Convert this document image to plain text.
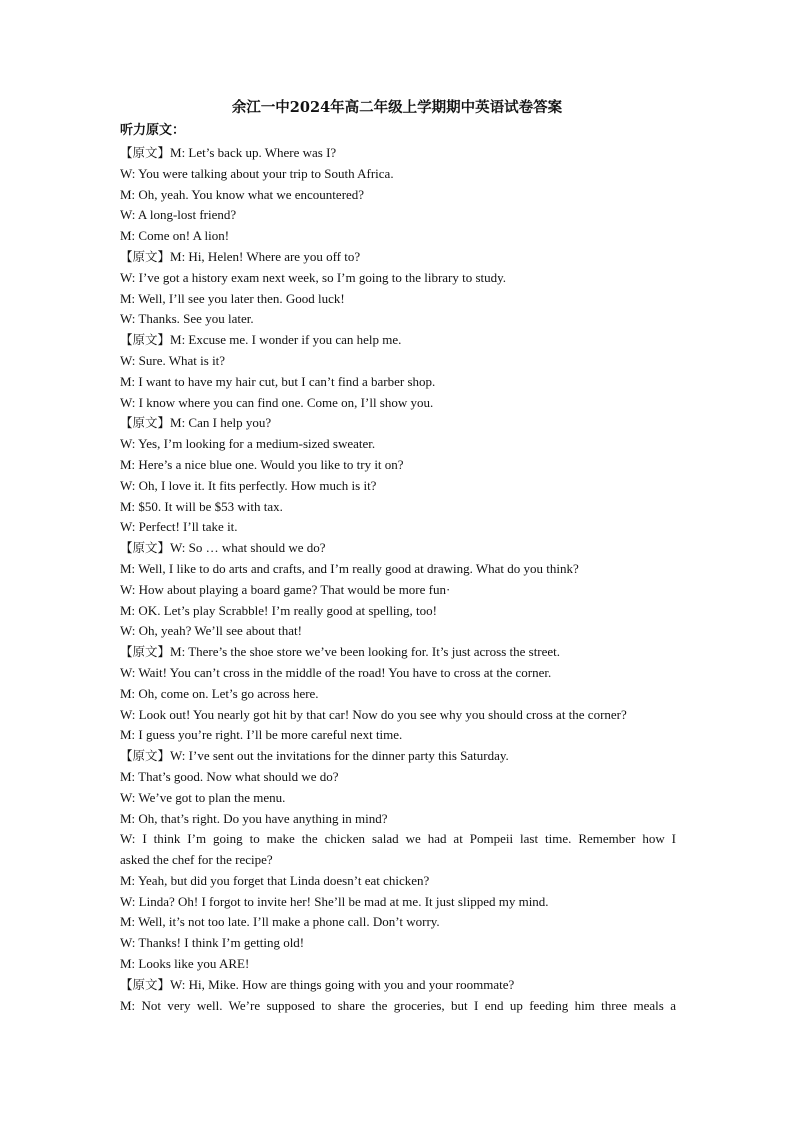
余江一中2024年高二年级上学期期中英语试卷答案
听力原文：
【原文】M: Let’s back up. Where was I?
W: You were talking about your trip to South Africa.
M: Oh, yeah. You know what we encountered?
W: A long-lost friend?
M: Come on! A lion!
【原文】M: Hi, Helen! Where are you off to?
W: I’ve got a history exam next week, so I’m going to the library to study.
M: Well, I’ll see you later then. Good luck!
W: Thanks. See you later.
【原文】M: Excuse me. I wonder if you can help me.
W: Sure. What is it?
M: I want to have my hair cut, but I can’t find a barber shop.
W: I know where you can find one. Come on, I’ll show you.
【原文】M: Can I help you?
W: Yes, I’m looking for a medium-sized sweater.
M: Here’s a nice blue one. Would you like to try it on?
W: Oh, I love it. It fits perfectly. How much is it?
M: $50. It will be $53 with tax.
W: Perfect! I’ll take it.
【原文】W: So … what should we do?
M: Well, I like to do arts and crafts, and I’m really good at drawing. What do you think?
W: How about playing a board game? That would be more fun·
M: OK. Let’s play Scrabble! I’m really good at spelling, too!
W: Oh, yeah? We’ll see about that!
【原文】M: There’s the shoe store we’ve been looking for. It’s just across the street.
W: Wait! You can’t cross in the middle of the road! You have to cross at the corner.
M: Oh, come on. Let’s go across here.
W: Look out! You nearly got hit by that car! Now do you see why you should cross at the corner?
M: I guess you’re right. I’ll be more careful next time.
【原文】W: I’ve sent out the invitations for the dinner party this Saturday.
M: That’s good. Now what should we do?
W: We’ve got to plan the menu.
M: Oh, that’s right. Do you have anything in mind?
W: I think I’m going to make the chicken salad we had at Pompeii last time. Remember how I
asked the chef for the recipe?
M: Yeah, but did you forget that Linda doesn’t eat chicken?
W: Linda? Oh! I forgot to invite her! She’ll be mad at me. It just slipped my mind.
M: Well, it’s not too late. I’ll make a phone call. Don’t worry.
W: Thanks! I think I’m getting old!
M: Looks like you ARE!
【原文】W: Hi, Mike. How are things going with you and your roommate?
M: Not very well. We’re supposed to share the groceries, but I end up feeding him three meals a
